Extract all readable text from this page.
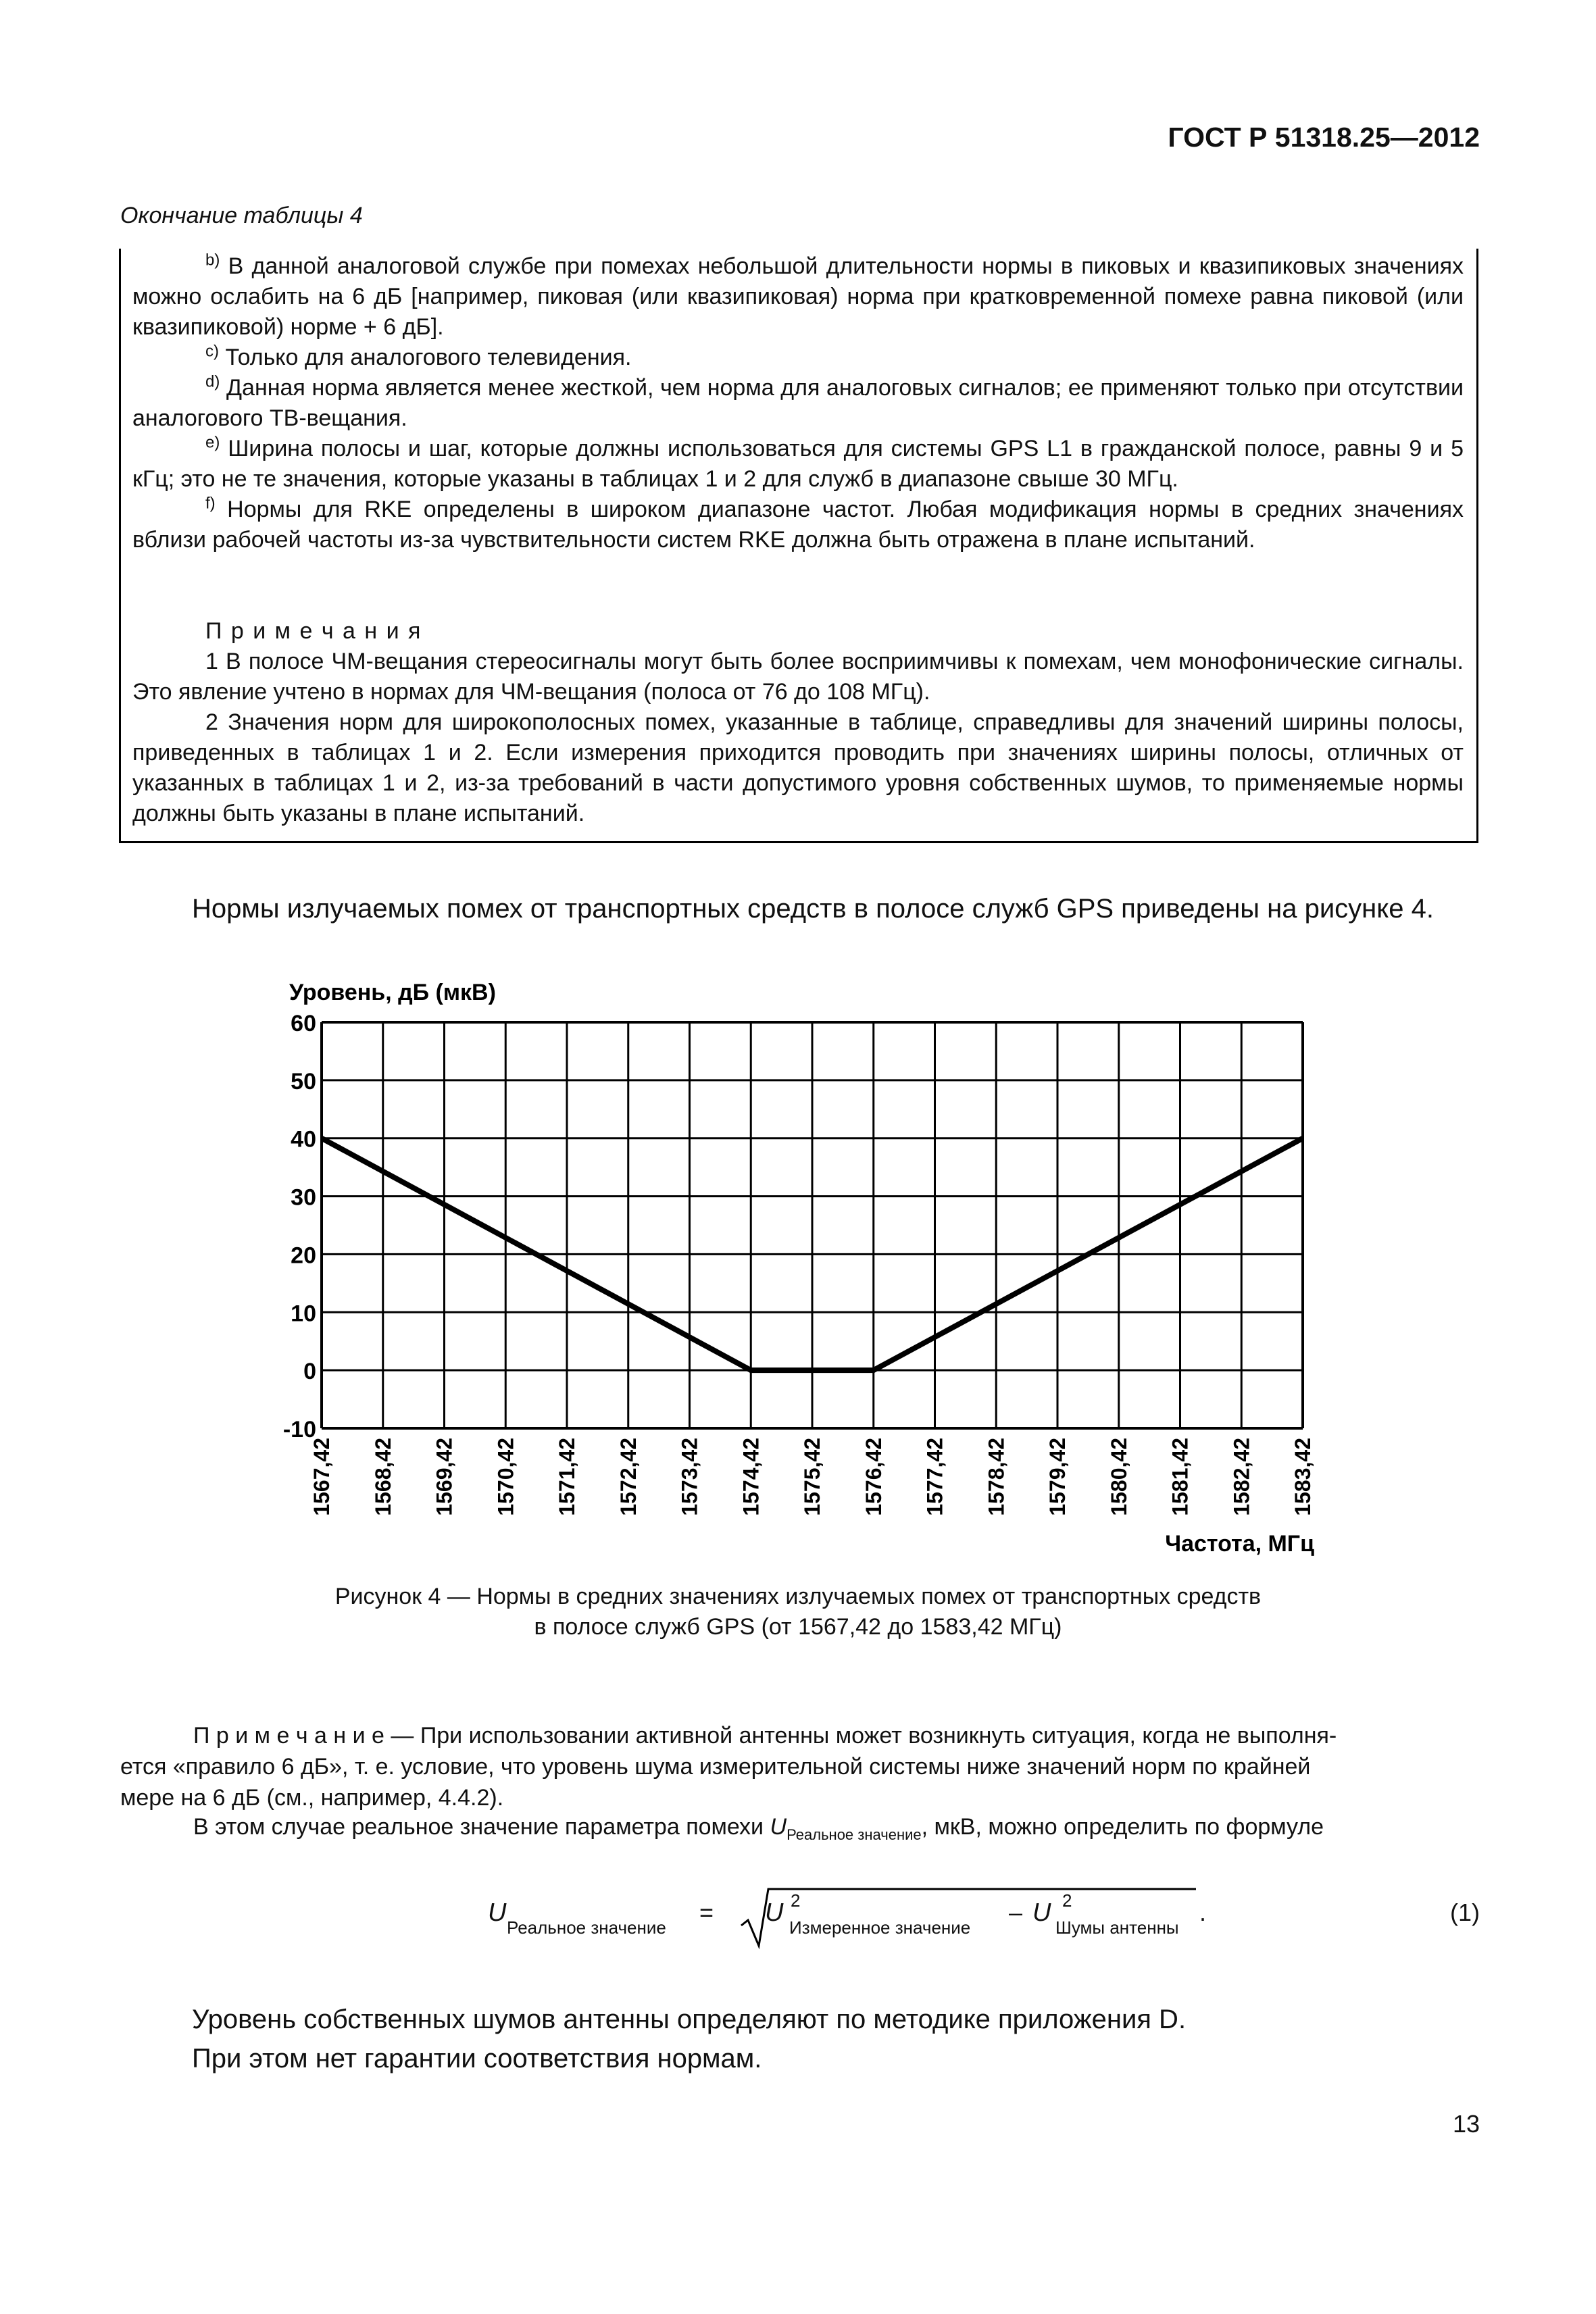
ГОСТ Р 51318.25—2012
Окончание таблицы 4

$^{b)}$ В данной аналоговой службе при помехах небольшой длительности нормы в пиковых и квазипиковых значениях можно ослабить на 6 дБ [например, пиковая (или квазипиковая) норма при кратковременной помехе равна пиковой (или квазипиковой) норме + 6 дБ].

$^{c)}$ Только для аналогового телевидения.

$^{d)}$ Данная норма является менее жесткой, чем норма для аналоговых сигналов; ее применяют только при отсутствии аналогового ТВ-вещания.

$^{e)}$ Ширина полосы и шаг, которые должны использоваться для системы GPS L1 в гражданской полосе, равны 9 и 5 кГц; это не те значения, которые указаны в таблицах 1 и 2 для служб в диапазоне свыше 30 МГц.

$^{f)}$ Нормы для RKE определены в широком диапазоне частот. Любая модификация нормы в средних значениях вблизи рабочей частоты из-за чувствительности систем RKE должна быть отражена в плане испытаний.

П р и м е ч а н и я

1 В полосе ЧМ-вещания стереосигналы могут быть более восприимчивы к помехам, чем монофонические сигналы. Это явление учтено в нормах для ЧМ-вещания (полоса от 76 до 108 МГц).

2 Значения норм для широкополосных помех, указанные в таблице, справедливы для значений ширины полосы, приведенных в таблицах 1 и 2. Если измерения приходится проводить при значениях ширины полосы, отличных от указанных в таблицах 1 и 2, из-за требований в части допустимого уровня собственных шумов, то применяемые нормы должны быть указаны в плане испытаний.

Нормы излучаемых помех от транспортных средств в полосе служб GPS приведены на рисунке 4.
Уровень, дБ (мкВ)
Частота, МГц
60
50
40
30
20
10
0
-10
1567,42 1568,42 1569,42 1570,42 1571,42 1572,42 1573,42 1574,42 1575,42 1576,42 1577,42 1578,42 1579,42 1580,42 1581,42 1582,42 1583,42
Рисунок 4 — Нормы в средних значениях излучаемых помех от транспортных средств
в полосе служб GPS (от 1567,42 до 1583,42 МГц)
П р и м е ч а н и е — При использовании активной антенны может возникнуть ситуация, когда не выполня-
ется «правило 6 дБ», т. е. условие, что уровень шума измерительной системы ниже значений норм по крайней
мере на 6 дБ (см., например, 4.4.2).
В этом случае реальное значение параметра помехи $U_{Реальное значение}$, мкВ, можно определить по формуле
U
Реальное значение
= U 2
Измеренное значение
– U 2
Шумы антенны
.	(1)
Уровень собственных шумов антенны определяют по методике приложения D.
При этом нет гарантии соответствия нормам.
13
